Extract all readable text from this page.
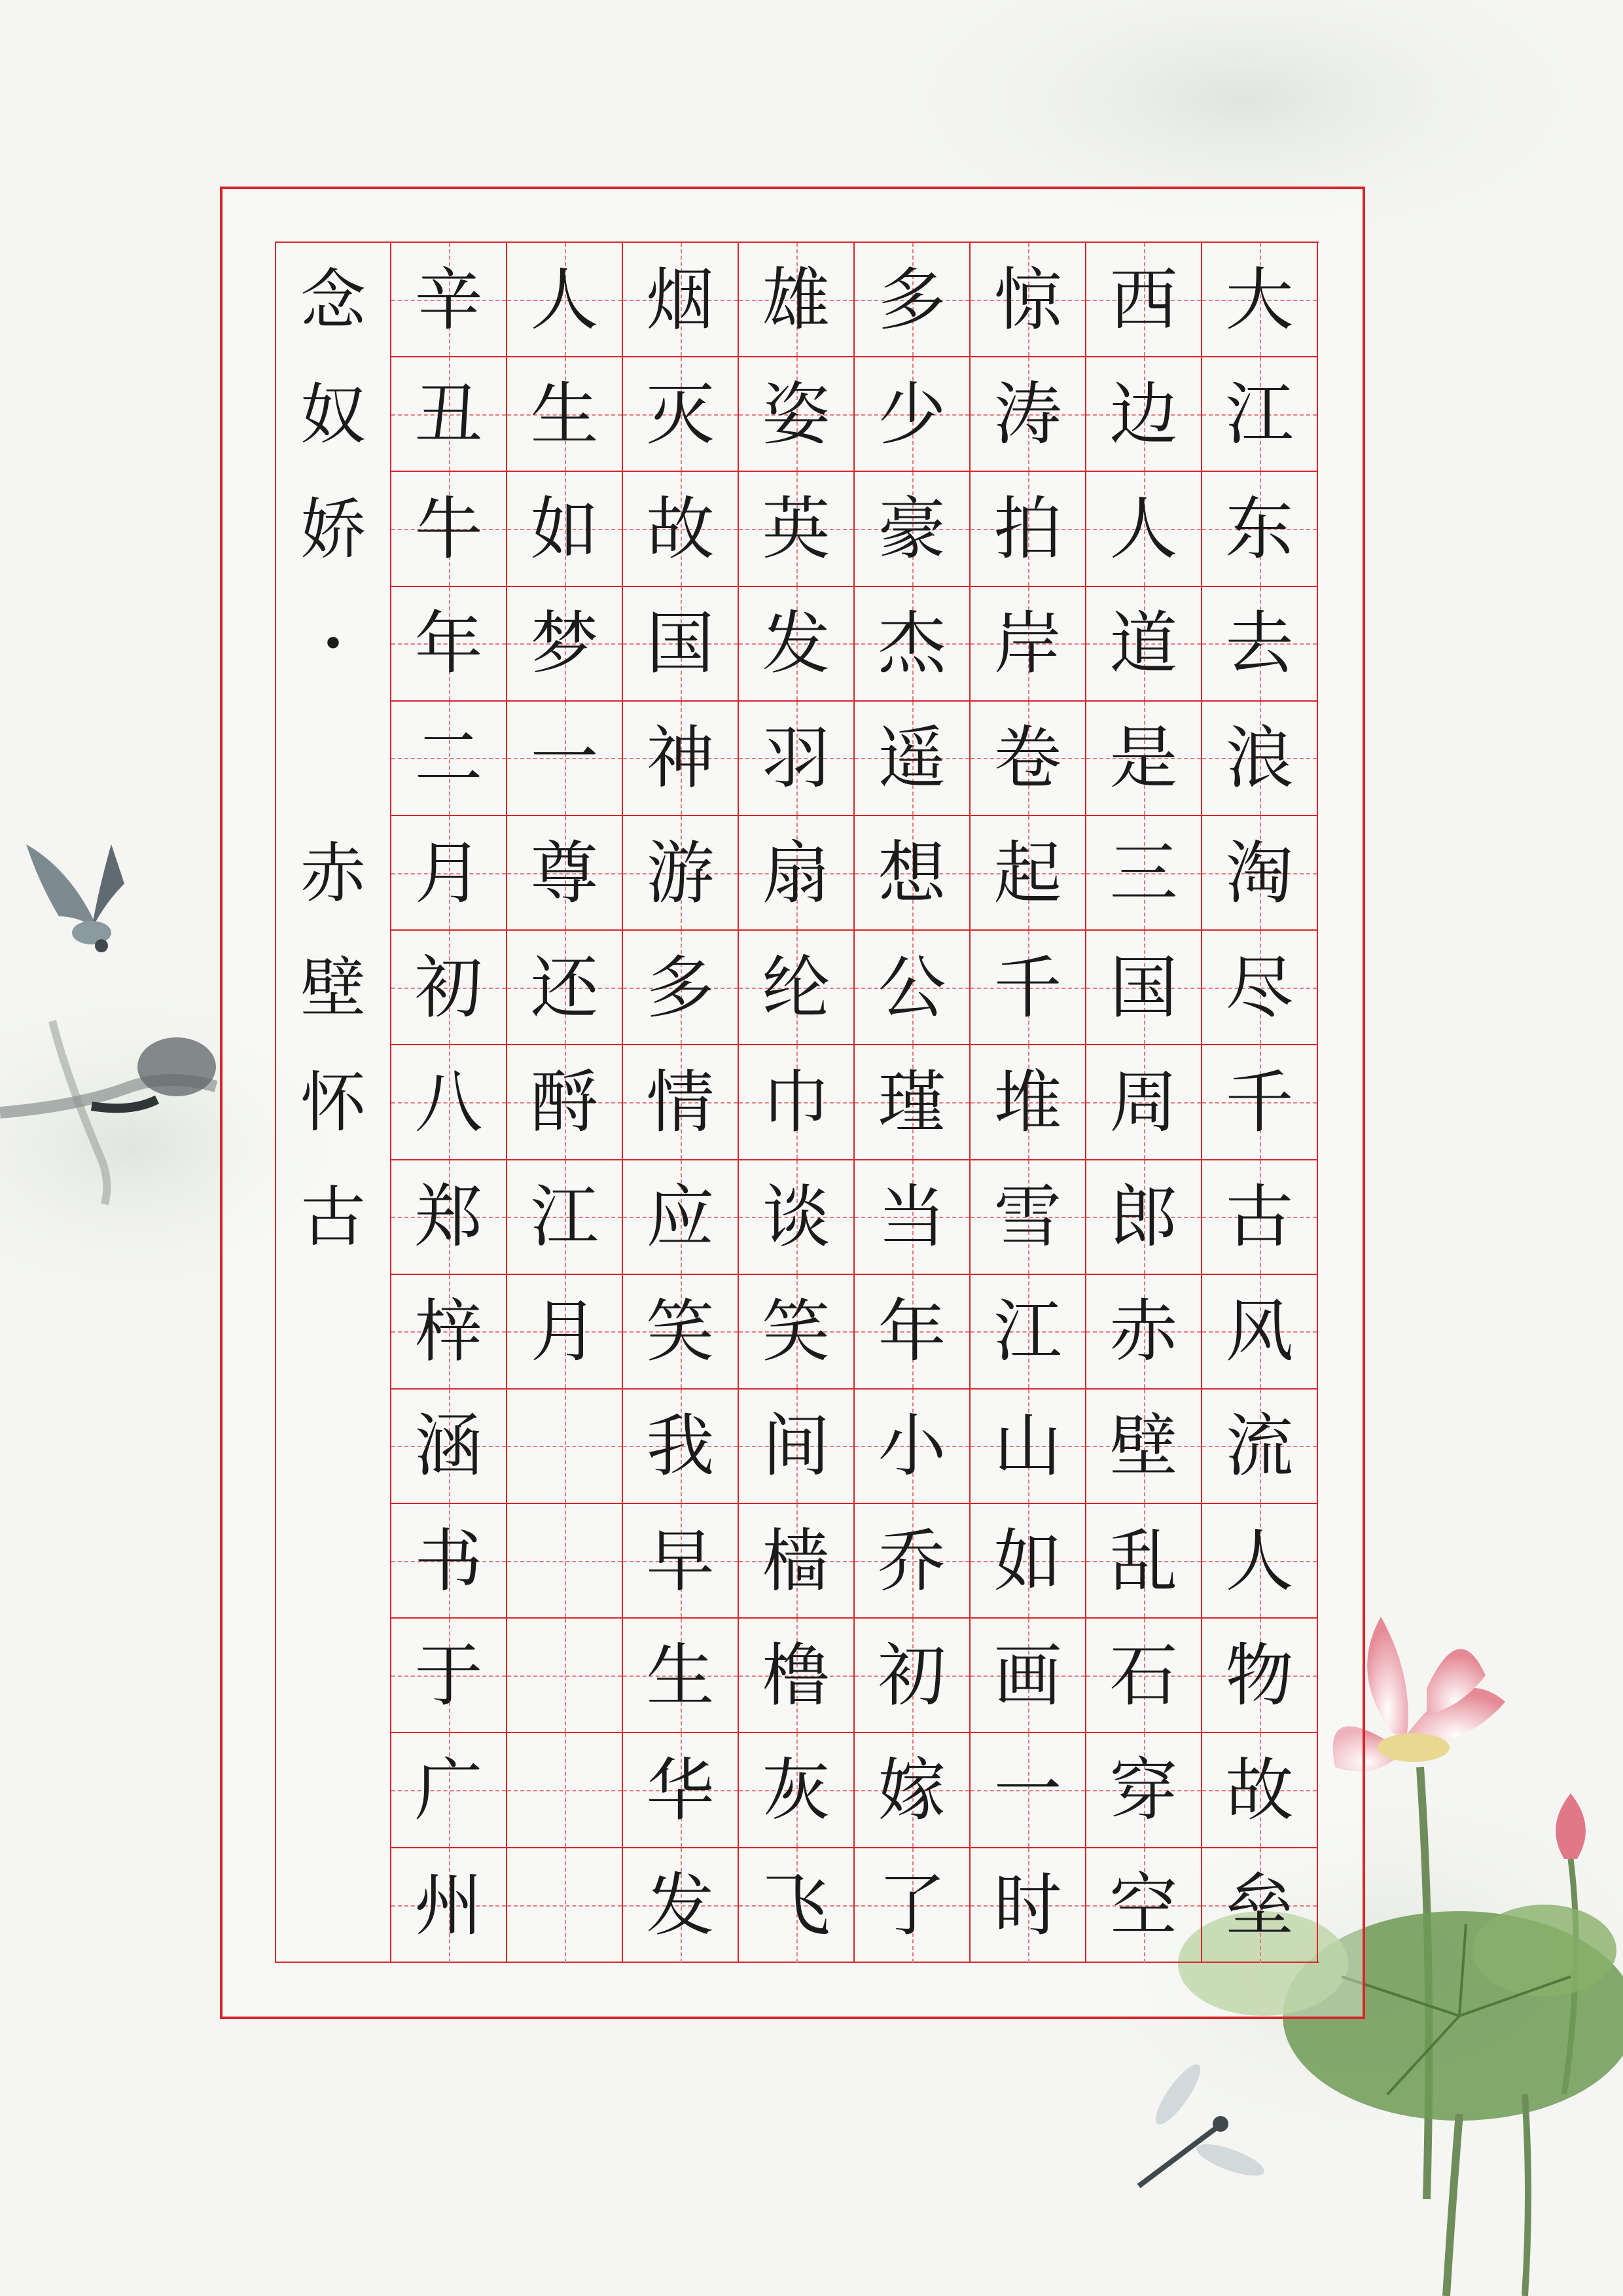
念
奴
娇
•
赤
壁
怀
古
辛
丑
牛
年
二
月
初
八
郑
梓
涵
书
于
广
州
人
生
如
梦
一
尊
还
酹
江
月
烟
灭
故
国
神
游
多
情
应
笑
我
早
生
华
发
雄
姿
英
发
羽
扇
纶
巾
谈
笑
间
樯
橹
灰
飞
多
少
豪
杰
遥
想
公
瑾
当
年
小
乔
初
嫁
了
惊
涛
拍
岸
卷
起
千
堆
雪
江
山
如
画
一
时
西
边
人
道
是
三
国
周
郎
赤
壁
乱
石
穿
空
大
江
东
去
浪
淘
尽
千
古
风
流
人
物
故
垒
